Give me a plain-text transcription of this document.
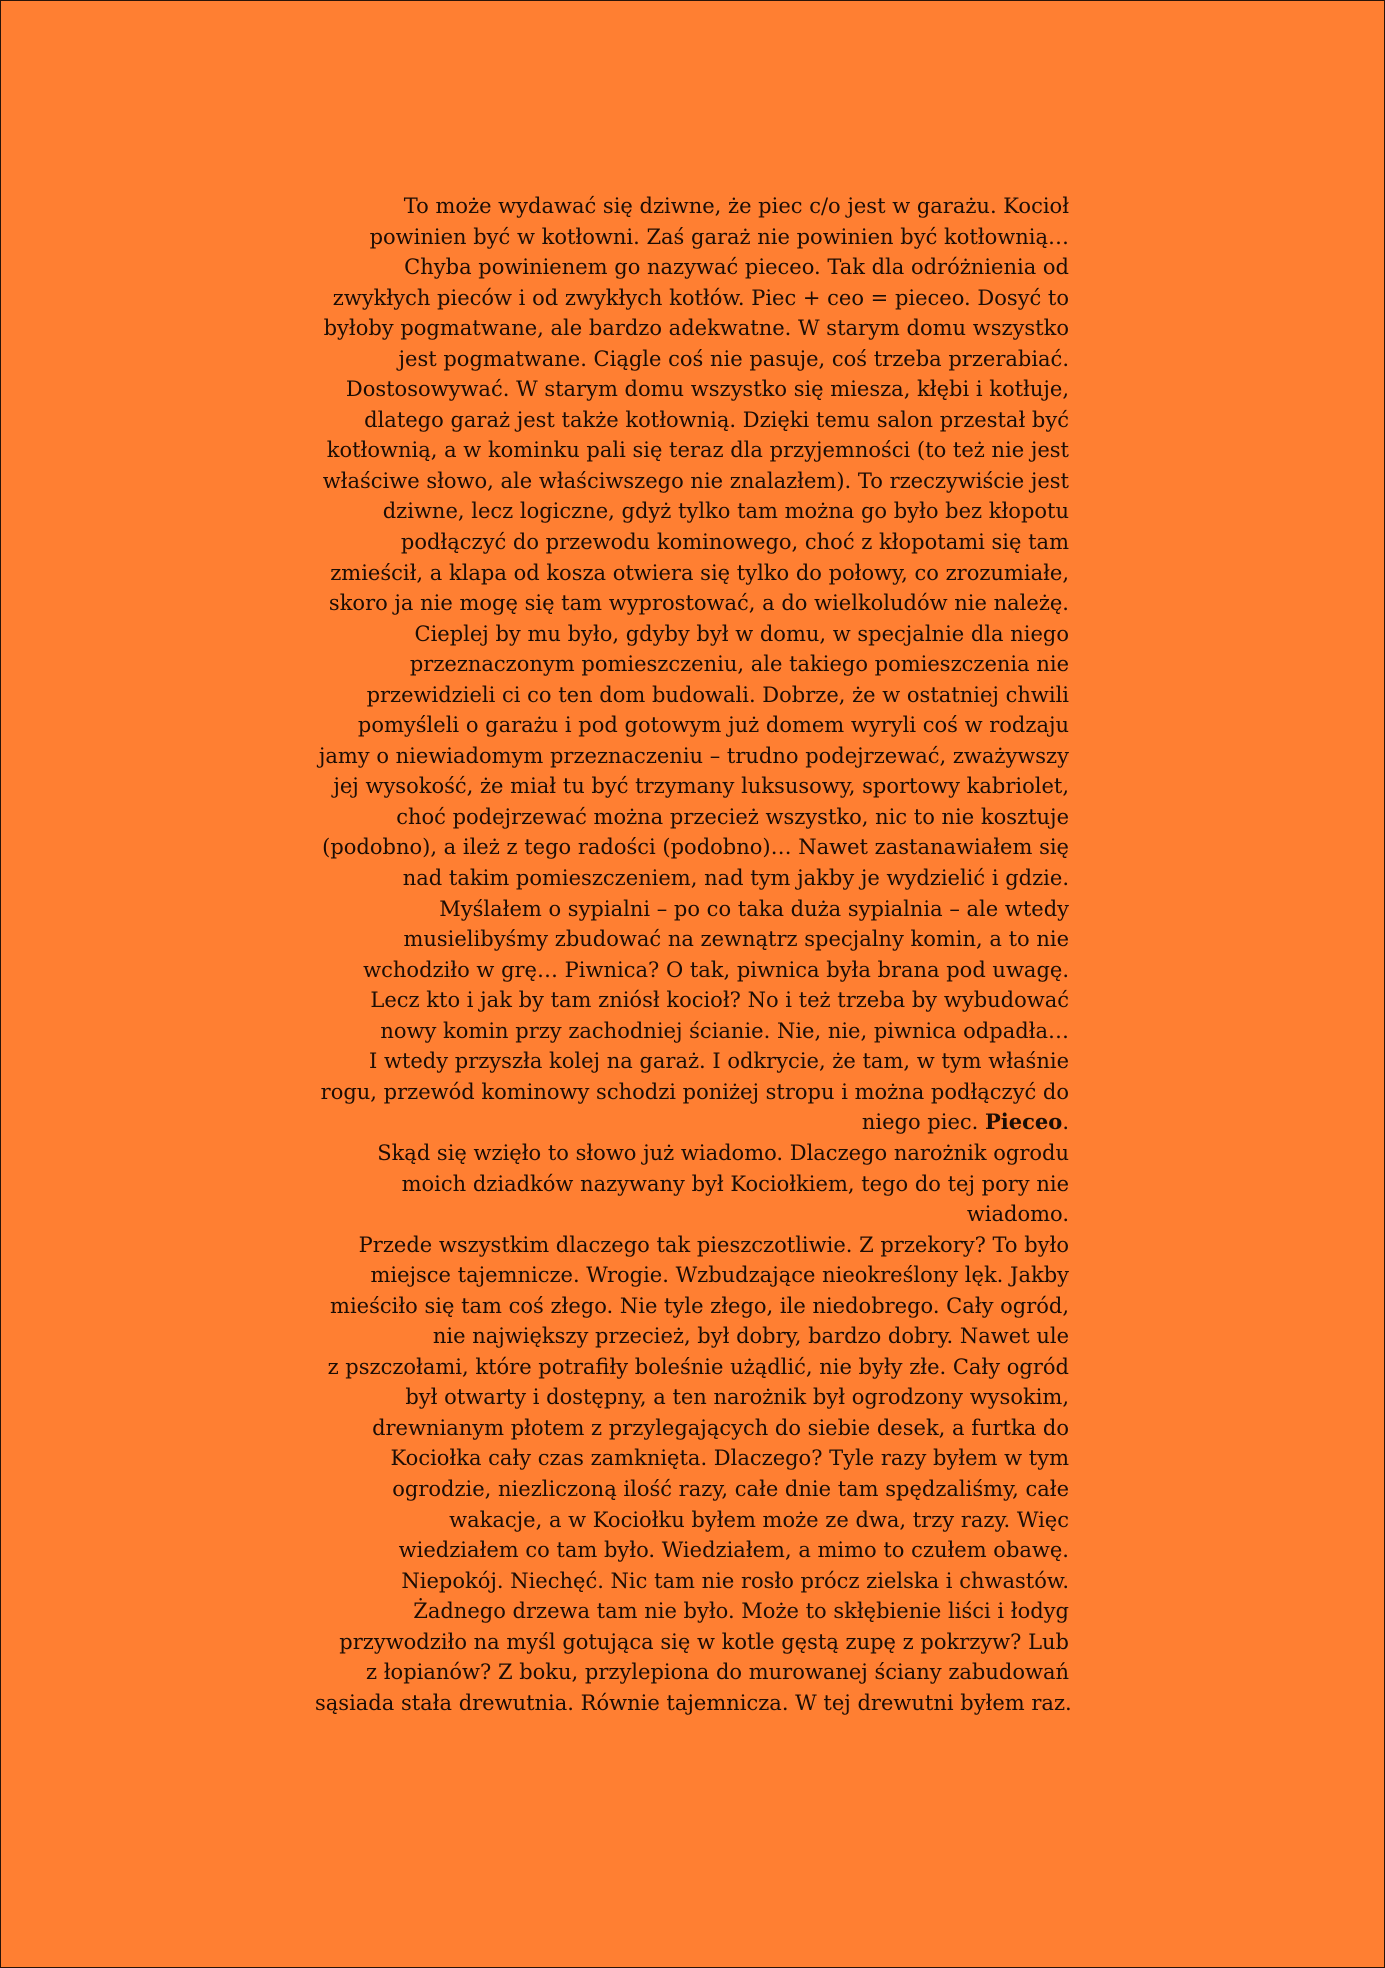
To może wydawać się dziwne, że piec c/o jest w garażu. Kocioł
powinien być w kotłowni. Zaś garaż nie powinien być kotłownią…
Chyba powinienem go nazywać pieceo. Tak dla odróżnienia od
zwykłych pieców i od zwykłych kotłów. Piec + ceo = pieceo. Dosyć to
byłoby pogmatwane, ale bardzo adekwatne. W starym domu wszystko
jest pogmatwane. Ciągle coś nie pasuje, coś trzeba przerabiać.
Dostosowywać. W starym domu wszystko się miesza, kłębi i kotłuje,
dlatego garaż jest także kotłownią. Dzięki temu salon przestał być
kotłownią, a w kominku pali się teraz dla przyjemności (to też nie jest
właściwe słowo, ale właściwszego nie znalazłem). To rzeczywiście jest
dziwne, lecz logiczne, gdyż tylko tam można go było bez kłopotu
podłączyć do przewodu kominowego, choć z kłopotami się tam
zmieścił, a klapa od kosza otwiera się tylko do połowy, co zrozumiałe,
skoro ja nie mogę się tam wyprostować, a do wielkoludów nie należę.
Cieplej by mu było, gdyby był w domu, w specjalnie dla niego
przeznaczonym pomieszczeniu, ale takiego pomieszczenia nie
przewidzieli ci co ten dom budowali. Dobrze, że w ostatniej chwili
pomyśleli o garażu i pod gotowym już domem wyryli coś w rodzaju
jamy o niewiadomym przeznaczeniu – trudno podejrzewać, zważywszy
jej wysokość, że miał tu być trzymany luksusowy, sportowy kabriolet,
choć podejrzewać można przecież wszystko, nic to nie kosztuje
(podobno), a ileż z tego radości (podobno)… Nawet zastanawiałem się
nad takim pomieszczeniem, nad tym jakby je wydzielić i gdzie.
Myślałem o sypialni – po co taka duża sypialnia – ale wtedy
musielibyśmy zbudować na zewnątrz specjalny komin, a to nie
wchodziło w grę… Piwnica? O tak, piwnica była brana pod uwagę.
Lecz kto i jak by tam zniósł kocioł? No i też trzeba by wybudować
nowy komin przy zachodniej ścianie. Nie, nie, piwnica odpadła…
I wtedy przyszła kolej na garaż. I odkrycie, że tam, w tym właśnie
rogu, przewód kominowy schodzi poniżej stropu i można podłączyć do
niego piec. Pieceo.
Skąd się wzięło to słowo już wiadomo. Dlaczego narożnik ogrodu
moich dziadków nazywany był Kociołkiem, tego do tej pory nie
wiadomo.
Przede wszystkim dlaczego tak pieszczotliwie. Z przekory? To było
miejsce tajemnicze. Wrogie. Wzbudzające nieokreślony lęk. Jakby
mieściło się tam coś złego. Nie tyle złego, ile niedobrego. Cały ogród,
nie największy przecież, był dobry, bardzo dobry. Nawet ule
z pszczołami, które potrafiły boleśnie użądlić, nie były złe. Cały ogród
był otwarty i dostępny, a ten narożnik był ogrodzony wysokim,
drewnianym płotem z przylegających do siebie desek, a furtka do
Kociołka cały czas zamknięta. Dlaczego? Tyle razy byłem w tym
ogrodzie, niezliczoną ilość razy, całe dnie tam spędzaliśmy, całe
wakacje, a w Kociołku byłem może ze dwa, trzy razy. Więc
wiedziałem co tam było. Wiedziałem, a mimo to czułem obawę.
Niepokój. Niechęć. Nic tam nie rosło prócz zielska i chwastów.
Żadnego drzewa tam nie było. Może to skłębienie liści i łodyg
przywodziło na myśl gotująca się w kotle gęstą zupę z pokrzyw? Lub
z łopianów? Z boku, przylepiona do murowanej ściany zabudowań
sąsiada stała drewutnia. Równie tajemnicza. W tej drewutni byłem raz.
